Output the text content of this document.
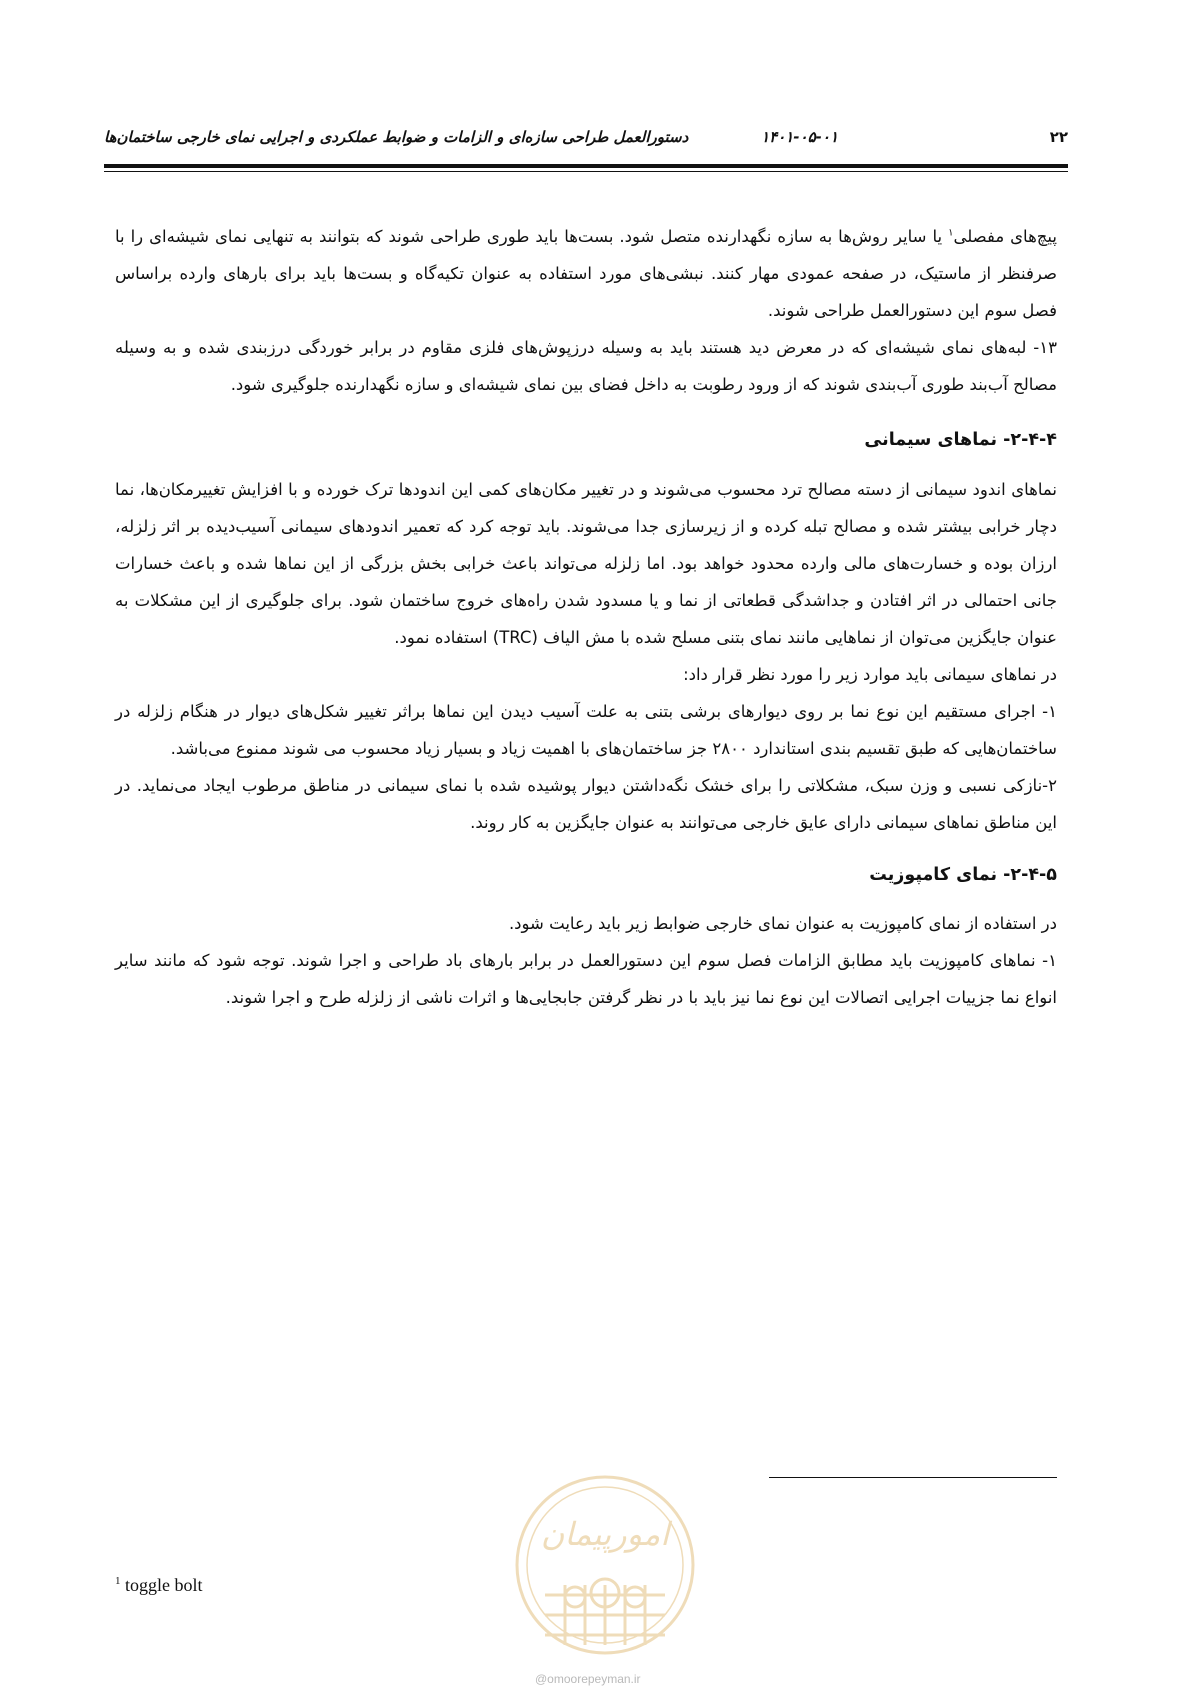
۲۲
۱۴۰۱-۰۵-۰۱
دستورالعمل طراحی سازه‌ای و الزامات و ضوابط عملکردی و اجرایی نمای خارجی ساختمان‌ها

پیچ‌های مفصلی$^۱$ یا سایر روش‌ها به سازه نگهدارنده متصل شود. بست‌ها باید طوری طراحی شوند که بتوانند به تنهایی نمای شیشه‌ای را با صرفنظر از ماستیک، در صفحه عمودی مهار کنند. نبشی‌های مورد استفاده به عنوان تکیه‌گاه و بست‌ها باید برای بارهای وارده براساس فصل سوم این دستورالعمل طراحی شوند.

۱۳- لبه‌های نمای شیشه‌ای که در معرض دید هستند باید به وسیله درزپوش‌های فلزی مقاوم در برابر خوردگی درزبندی شده و به وسیله مصالح آب‌بند طوری آب‌بندی شوند که از ورود رطوبت به داخل فضای بین نمای شیشه‌ای و سازه نگهدارنده جلوگیری شود.

۲-۴-۴- نماهای سیمانی

نماهای اندود سیمانی از دسته مصالح ترد محسوب می‌شوند و در تغییر مکان‌های کمی این اندودها ترک خورده و با افزایش تغییرمکان‌ها، نما دچار خرابی بیشتر شده و مصالح تبله کرده و از زیرسازی جدا می‌شوند. باید توجه کرد که تعمیر اندودهای سیمانی آسیب‌دیده بر اثر زلزله، ارزان بوده و خسارت‌های مالی وارده محدود خواهد بود. اما زلزله می‌تواند باعث خرابی بخش بزرگی از این نماها شده و باعث خسارات جانی احتمالی در اثر افتادن و جداشدگی قطعاتی از نما و یا مسدود شدن راه‌های خروج ساختمان شود. برای جلوگیری از این مشکلات به عنوان جایگزین می‌توان از نماهایی مانند نمای بتنی مسلح شده با مش الیاف (TRC) استفاده نمود.

در نماهای سیمانی باید موارد زیر را مورد نظر قرار داد:

۱- اجرای مستقیم این نوع نما بر روی دیوارهای برشی بتنی به علت آسیب دیدن این نماها براثر تغییر شکل‌های دیوار در هنگام زلزله در ساختمان‌هایی که طبق تقسیم بندی استاندارد ۲۸۰۰ جز ساختمان‌های با اهمیت زیاد و بسیار زیاد محسوب می شوند ممنوع می‌باشد.

۲-نازکی نسبی و وزن سبک، مشکلاتی را برای خشک نگه‌داشتن دیوار پوشیده شده با نمای سیمانی در مناطق مرطوب ایجاد می‌نماید. در این مناطق نماهای سیمانی دارای عایق خارجی می‌توانند به عنوان جایگزین به کار روند.

۲-۴-۵- نمای کامپوزیت

در استفاده از نمای کامپوزیت به عنوان نمای خارجی ضوابط زیر باید رعایت شود.

۱- نماهای کامپوزیت باید مطابق الزامات فصل سوم این دستورالعمل در برابر بارهای باد طراحی و اجرا شوند. توجه شود که مانند سایر انواع نما جزییات اجرایی اتصالات این نوع نما نیز باید با در نظر گرفتن جابجایی‌ها و اثرات ناشی از زلزله طرح و اجرا شوند.

$^1$ toggle bolt
امورپیمان
@omoorepeyman.ir
